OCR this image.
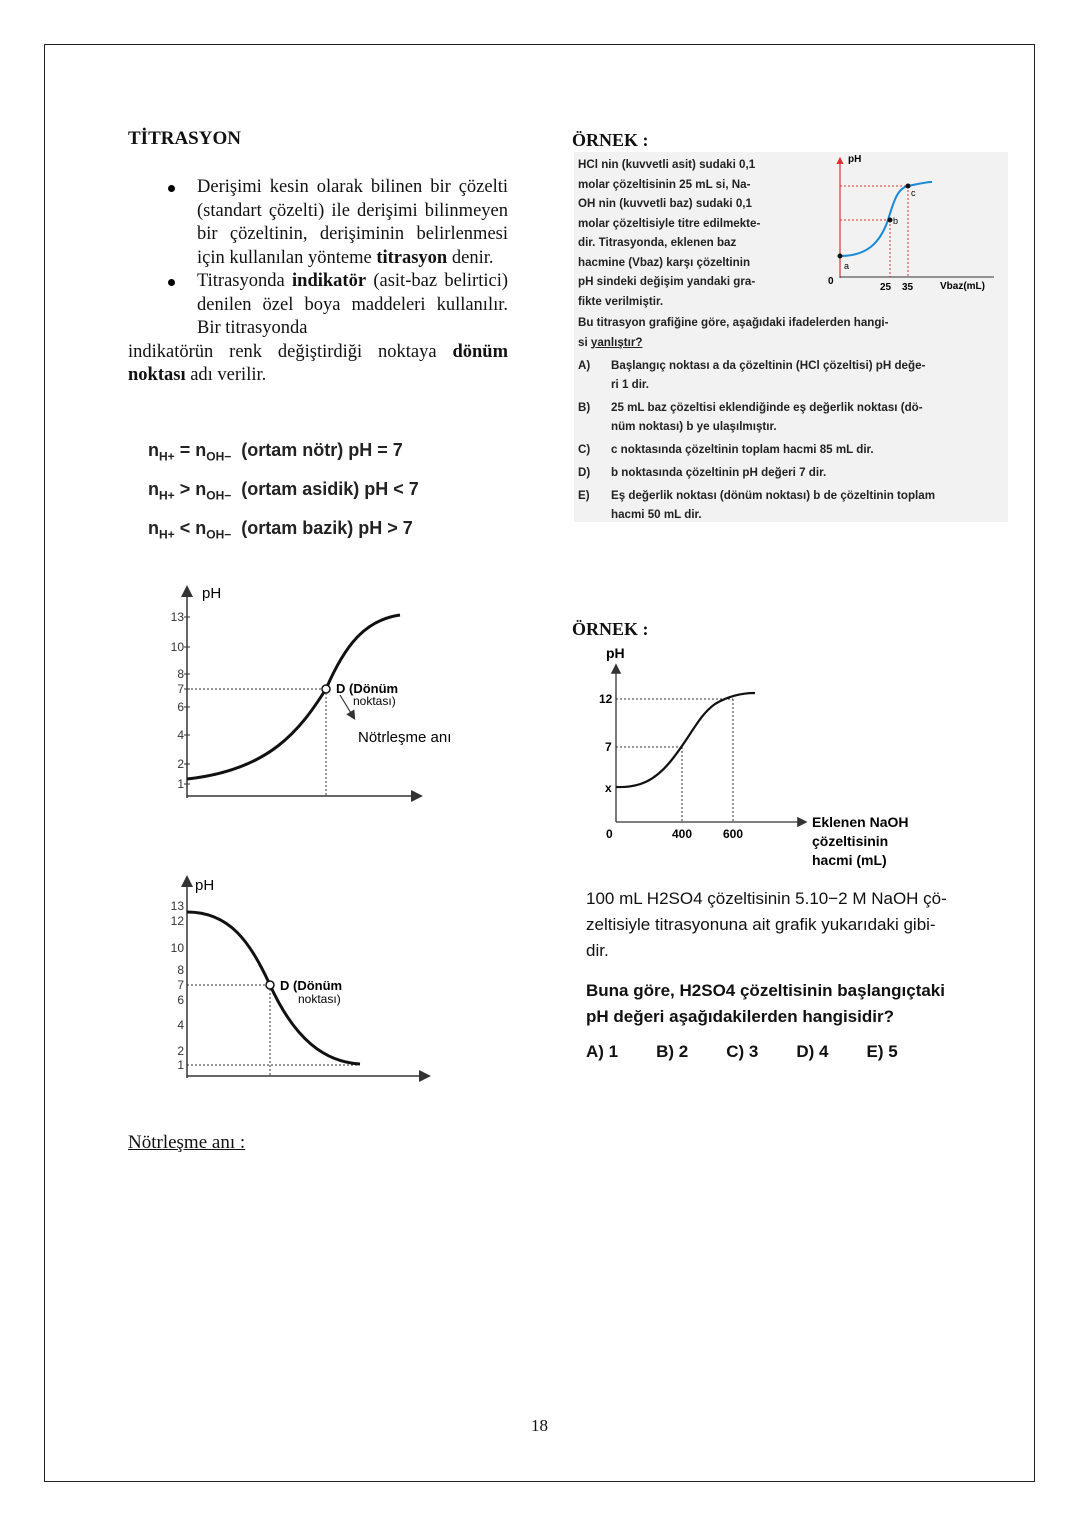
TİTRASYON
Derişimi kesin olarak bilinen bir çözelti (standart çözelti) ile derişimi bilinmeyen bir çözeltinin, derişiminin belirlenmesi için kullanılan yönteme titrasyon denir.
Titrasyonda indikatör (asit-baz belirtici) denilen özel boya maddeleri kullanılır. Bir titrasyonda
indikatörün renk değiştirdiği noktaya dönüm noktası adı verilir.
$n_{H+} = n_{OH-}$ (ortam nötr) pH = 7
$n_{H+} > n_{OH-}$ (ortam asidik) pH < 7
$n_{H+} < n_{OH-}$ (ortam bazik) pH > 7
pH
13
10
8
7
6
4
2
1
D (Dönüm
noktası)
Nötrleşme anı
pH
13
12
10
8
7
6
4
2
1
D (Dönüm
noktası)
Nötrleşme anı :
ÖRNEK :
HCl nin (kuvvetli asit) sudaki 0,1
molar çözeltisinin 25 mL si, Na-
OH nin (kuvvetli baz) sudaki 0,1
molar çözeltisiyle titre edilmekte-
dir. Titrasyonda, eklenen baz
hacmine (Vbaz) karşı çözeltinin
pH sindeki değişim yandaki gra-
fikte verilmiştir.
pH
0
a
b
c
25 35	Vbaz(mL)
Bu titrasyon grafiğine göre, aşağıdaki ifadelerden hangi-
si yanlıştır?
A) Başlangıç noktası a da çözeltinin (HCl çözeltisi) pH değe-
ri 1 dir.
B) 25 mL baz çözeltisi eklendiğinde eş değerlik noktası (dö-
nüm noktası) b ye ulaşılmıştır.
C) c noktasında çözeltinin toplam hacmi 85 mL dir.
D) b noktasında çözeltinin pH değeri 7 dir.
E) Eş değerlik noktası (dönüm noktası) b de çözeltinin toplam
hacmi 50 mL dir.
ÖRNEK :
pH
12
7
x
0	400	600
Eklenen NaOH
çözeltisinin
hacmi (mL)
100 mL H2SO4 çözeltisinin 5.10−2 M NaOH çö-
zeltisiyle titrasyonuna ait grafik yukarıdaki gibi-
dir.
Buna göre, H2SO4 çözeltisinin başlangıçtaki
pH değeri aşağıdakilerden hangisidir?
A) 1 B) 2 C) 3 D) 4 E) 5
18
